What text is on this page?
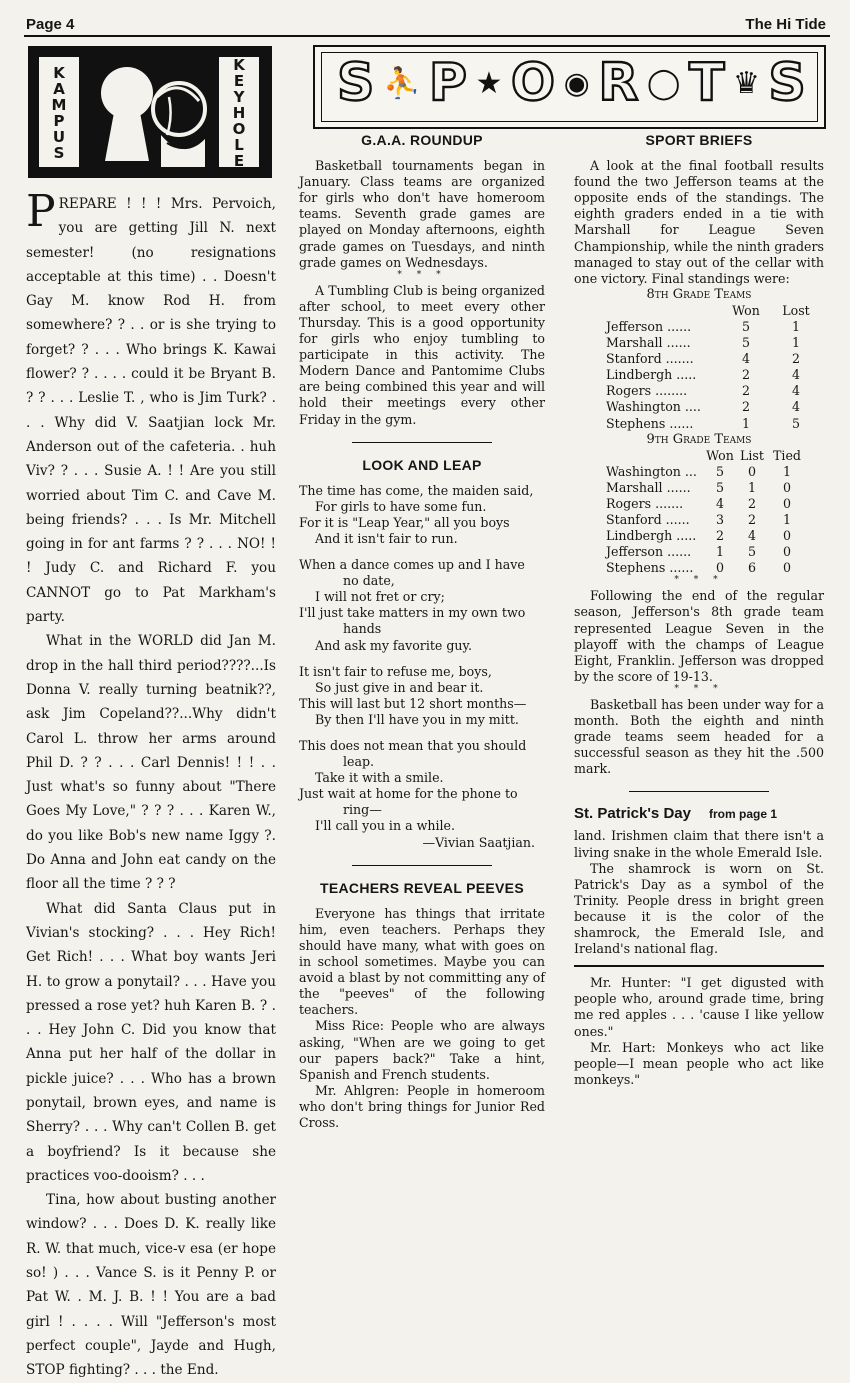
Page 4	The Hi Tide
KAMPUS	KEYHOLE S ⛹ P ★ O ◉ R ◯ T ♛ S

PREPARE ! ! ! Mrs. Pervoich, you are getting Jill N. next semester! (no resignations acceptable at this time) . . Doesn't Gay M. know Rod H. from somewhere? ? . . or is she trying to forget? ? . . . Who brings K. Kawai flower? ? . . . . could it be Bryant B. ? ? . . . Leslie T. , who is Jim Turk? . . . Why did V. Saatjian lock Mr. Anderson out of the cafeteria. . huh Viv? ? . . . Susie A. ! ! Are you still worried about Tim C. and Cave M. being friends? . . . Is Mr. Mitchell going in for ant farms ? ? . . . NO! ! ! Judy C. and Richard F. you CANNOT go to Pat Markham's party.

What in the WORLD did Jan M. drop in the hall third period????...Is Donna V. really turning beatnik??, ask Jim Copeland??...Why didn't Carol L. throw her arms around Phil D. ? ? . . . Carl Dennis! ! ! . . Just what's so funny about "There Goes My Love," ? ? ? . . . Karen W., do you like Bob's new name Iggy ?. Do Anna and John eat candy on the floor all the time ? ? ?

What did Santa Claus put in Vivian's stocking? . . . Hey Rich! Get Rich! . . . What boy wants Jeri H. to grow a ponytail? . . . Have you pressed a rose yet? huh Karen B. ? . . . Hey John C. Did you know that Anna put her half of the dollar in pickle juice? . . . Who has a brown ponytail, brown eyes, and name is Sherry? . . . Why can't Collen B. get a boyfriend? Is it because she practices voo-dooism? . . .

Tina, how about busting another window? . . . Does D. K. really like R. W. that much, vice-v esa (er hope so! ) . . . Vance S. is it Penny P. or Pat W. . M. J. B. ! ! You are a bad girl ! . . . . Will "Jefferson's most perfect couple", Jayde and Hugh, STOP fighting? . . . the End.

G.A.A. ROUNDUP

Basketball tournaments began in January. Class teams are organized for girls who don't have homeroom teams. Seventh grade games are played on Monday afternoons, eighth grade games on Tuesdays, and ninth grade games on Wednesdays.

* * *

A Tumbling Club is being organized after school, to meet every other Thursday. This is a good opportunity for girls who enjoy tumbling to participate in this activity. The Modern Dance and Pantomime Clubs are being combined this year and will hold their meetings every other Friday in the gym.

LOOK AND LEAP

The time has come, the maiden said,

For girls to have some fun.

For it is "Leap Year," all you boys

And it isn't fair to run.

When a dance comes up and I have

no date,

I will not fret or cry;

I'll just take matters in my own two

hands

And ask my favorite guy.

It isn't fair to refuse me, boys,

So just give in and bear it.

This will last but 12 short months—

By then I'll have you in my mitt.

This does not mean that you should

leap.

Take it with a smile.

Just wait at home for the phone to

ring—

I'll call you in a while.

—Vivian Saatjian.

TEACHERS REVEAL PEEVES

Everyone has things that irritate him, even teachers. Perhaps they should have many, what with goes on in school sometimes. Maybe you can avoid a blast by not committing any of the "peeves" of the following teachers.

Miss Rice: People who are always asking, "When are we going to get our papers back?" Take a hint, Spanish and French students.

Mr. Ahlgren: People in homeroom who don't bring things for Junior Red Cross.

SPORT BRIEFS

A look at the final football results found the two Jefferson teams at the opposite ends of the standings. The eighth graders ended in a tie with Marshall for League Seven Championship, while the ninth graders managed to stay out of the cellar with one victory. Final standings were:

8th Grade Teams
	Won	Lost
Jefferson ......	5	1
Marshall ......	5	1
Stanford .......	4	2
Lindbergh .....	2	4
Rogers ........	2	4
Washington ....	2	4
Stephens ......	1	5
9th Grade Teams
	Won	List	Tied
Washington ...	5	0	1
Marshall ......	5	1	0
Rogers .......	4	2	0
Stanford ......	3	2	1
Lindbergh .....	2	4	0
Jefferson ......	1	5	0
Stephens ......	0	6	0
* * *

Following the end of the regular season, Jefferson's 8th grade team represented League Seven in the playoff with the champs of League Eight, Franklin. Jefferson was dropped by the score of 19-13.

* * *

Basketball has been under way for a month. Both the eighth and ninth grade teams seem headed for a successful season as they hit the .500 mark.

St. Patrick's Day from page 1

land. Irishmen claim that there isn't a living snake in the whole Emerald Isle.

The shamrock is worn on St. Patrick's Day as a symbol of the Trinity. People dress in bright green because it is the color of the shamrock, the Emerald Isle, and Ireland's national flag.

Mr. Hunter: "I get digusted with people who, around grade time, bring me red apples . . . 'cause I like yellow ones."

Mr. Hart: Monkeys who act like people—I mean people who act like monkeys."
